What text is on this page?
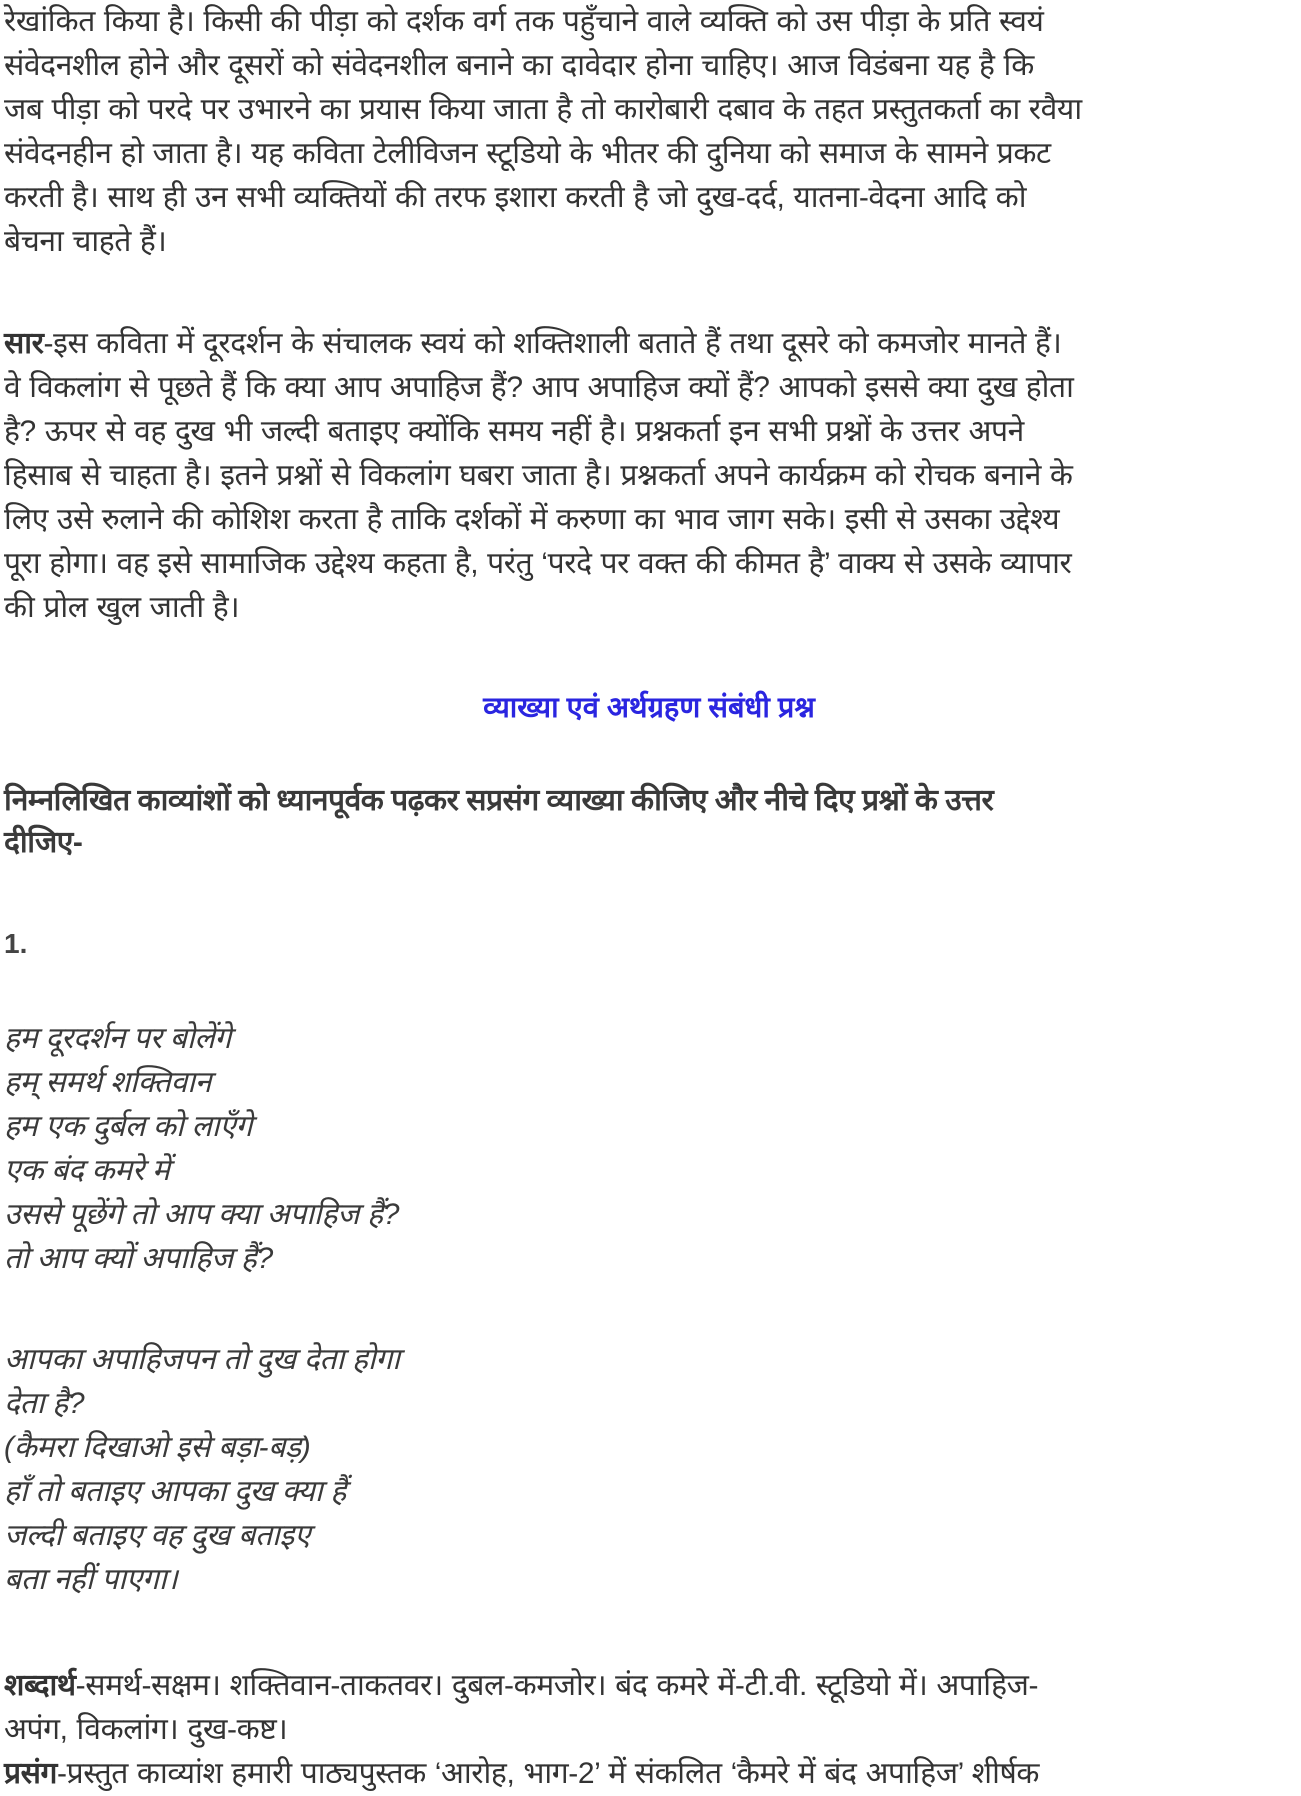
रेखांकित किया है। किसी की पीड़ा को दर्शक वर्ग तक पहुँचाने वाले व्यक्ति को उस पीड़ा के प्रति स्वयं
संवेदनशील होने और दूसरों को संवेदनशील बनाने का दावेदार होना चाहिए। आज विडंबना यह है कि
जब पीड़ा को परदे पर उभारने का प्रयास किया जाता है तो कारोबारी दबाव के तहत प्रस्तुतकर्ता का रवैया
संवेदनहीन हो जाता है। यह कविता टेलीविजन स्टूडियो के भीतर की दुनिया को समाज के सामने प्रकट
करती है। साथ ही उन सभी व्यक्तियों की तरफ इशारा करती है जो दुख-दर्द, यातना-वेदना आदि को
बेचना चाहते हैं।
सार-इस कविता में दूरदर्शन के संचालक स्वयं को शक्तिशाली बताते हैं तथा दूसरे को कमजोर मानते हैं।
वे विकलांग से पूछते हैं कि क्या आप अपाहिज हैं? आप अपाहिज क्यों हैं? आपको इससे क्या दुख होता
है? ऊपर से वह दुख भी जल्दी बताइए क्योंकि समय नहीं है। प्रश्नकर्ता इन सभी प्रश्नों के उत्तर अपने
हिसाब से चाहता है। इतने प्रश्नों से विकलांग घबरा जाता है। प्रश्नकर्ता अपने कार्यक्रम को रोचक बनाने के
लिए उसे रुलाने की कोशिश करता है ताकि दर्शकों में करुणा का भाव जाग सके। इसी से उसका उद्देश्य
पूरा होगा। वह इसे सामाजिक उद्देश्य कहता है, परंतु ‘परदे पर वक्त की कीमत है’ वाक्य से उसके व्यापार
की प्रोल खुल जाती है।
व्याख्या एवं अर्थग्रहण संबंधी प्रश्न
निम्नलिखित काव्यांशों को ध्यानपूर्वक पढ़कर सप्रसंग व्याख्या कीजिए और नीचे दिए प्रश्नों के उत्तर
दीजिए-
1.
हम दूरदर्शन पर बोलेंगे
हम् समर्थ शक्तिवान
हम एक दुर्बल को लाएँगे
एक बंद कमरे में
उससे पूछेंगे तो आप क्या अपाहिज हैं?
तो आप क्यों अपाहिज हैं?
आपका अपाहिजपन तो दुख देता होगा
देता है?
(कैमरा दिखाओ इसे बड़ा-बड़)
हाँ तो बताइए आपका दुख क्या हैं
जल्दी बताइए वह दुख बताइए
बता नहीं पाएगा।
शब्दार्थ-समर्थ-सक्षम। शक्तिवान-ताकतवर। दुबल-कमजोर। बंद कमरे में-टी.वी. स्टूडियो में। अपाहिज-
अपंग, विकलांग। दुख-कष्ट।
प्रसंग-प्रस्तुत काव्यांश हमारी पाठ्यपुस्तक ‘आरोह, भाग-2’ में संकलित ‘कैमरे में बंद अपाहिज’ शीर्षक
